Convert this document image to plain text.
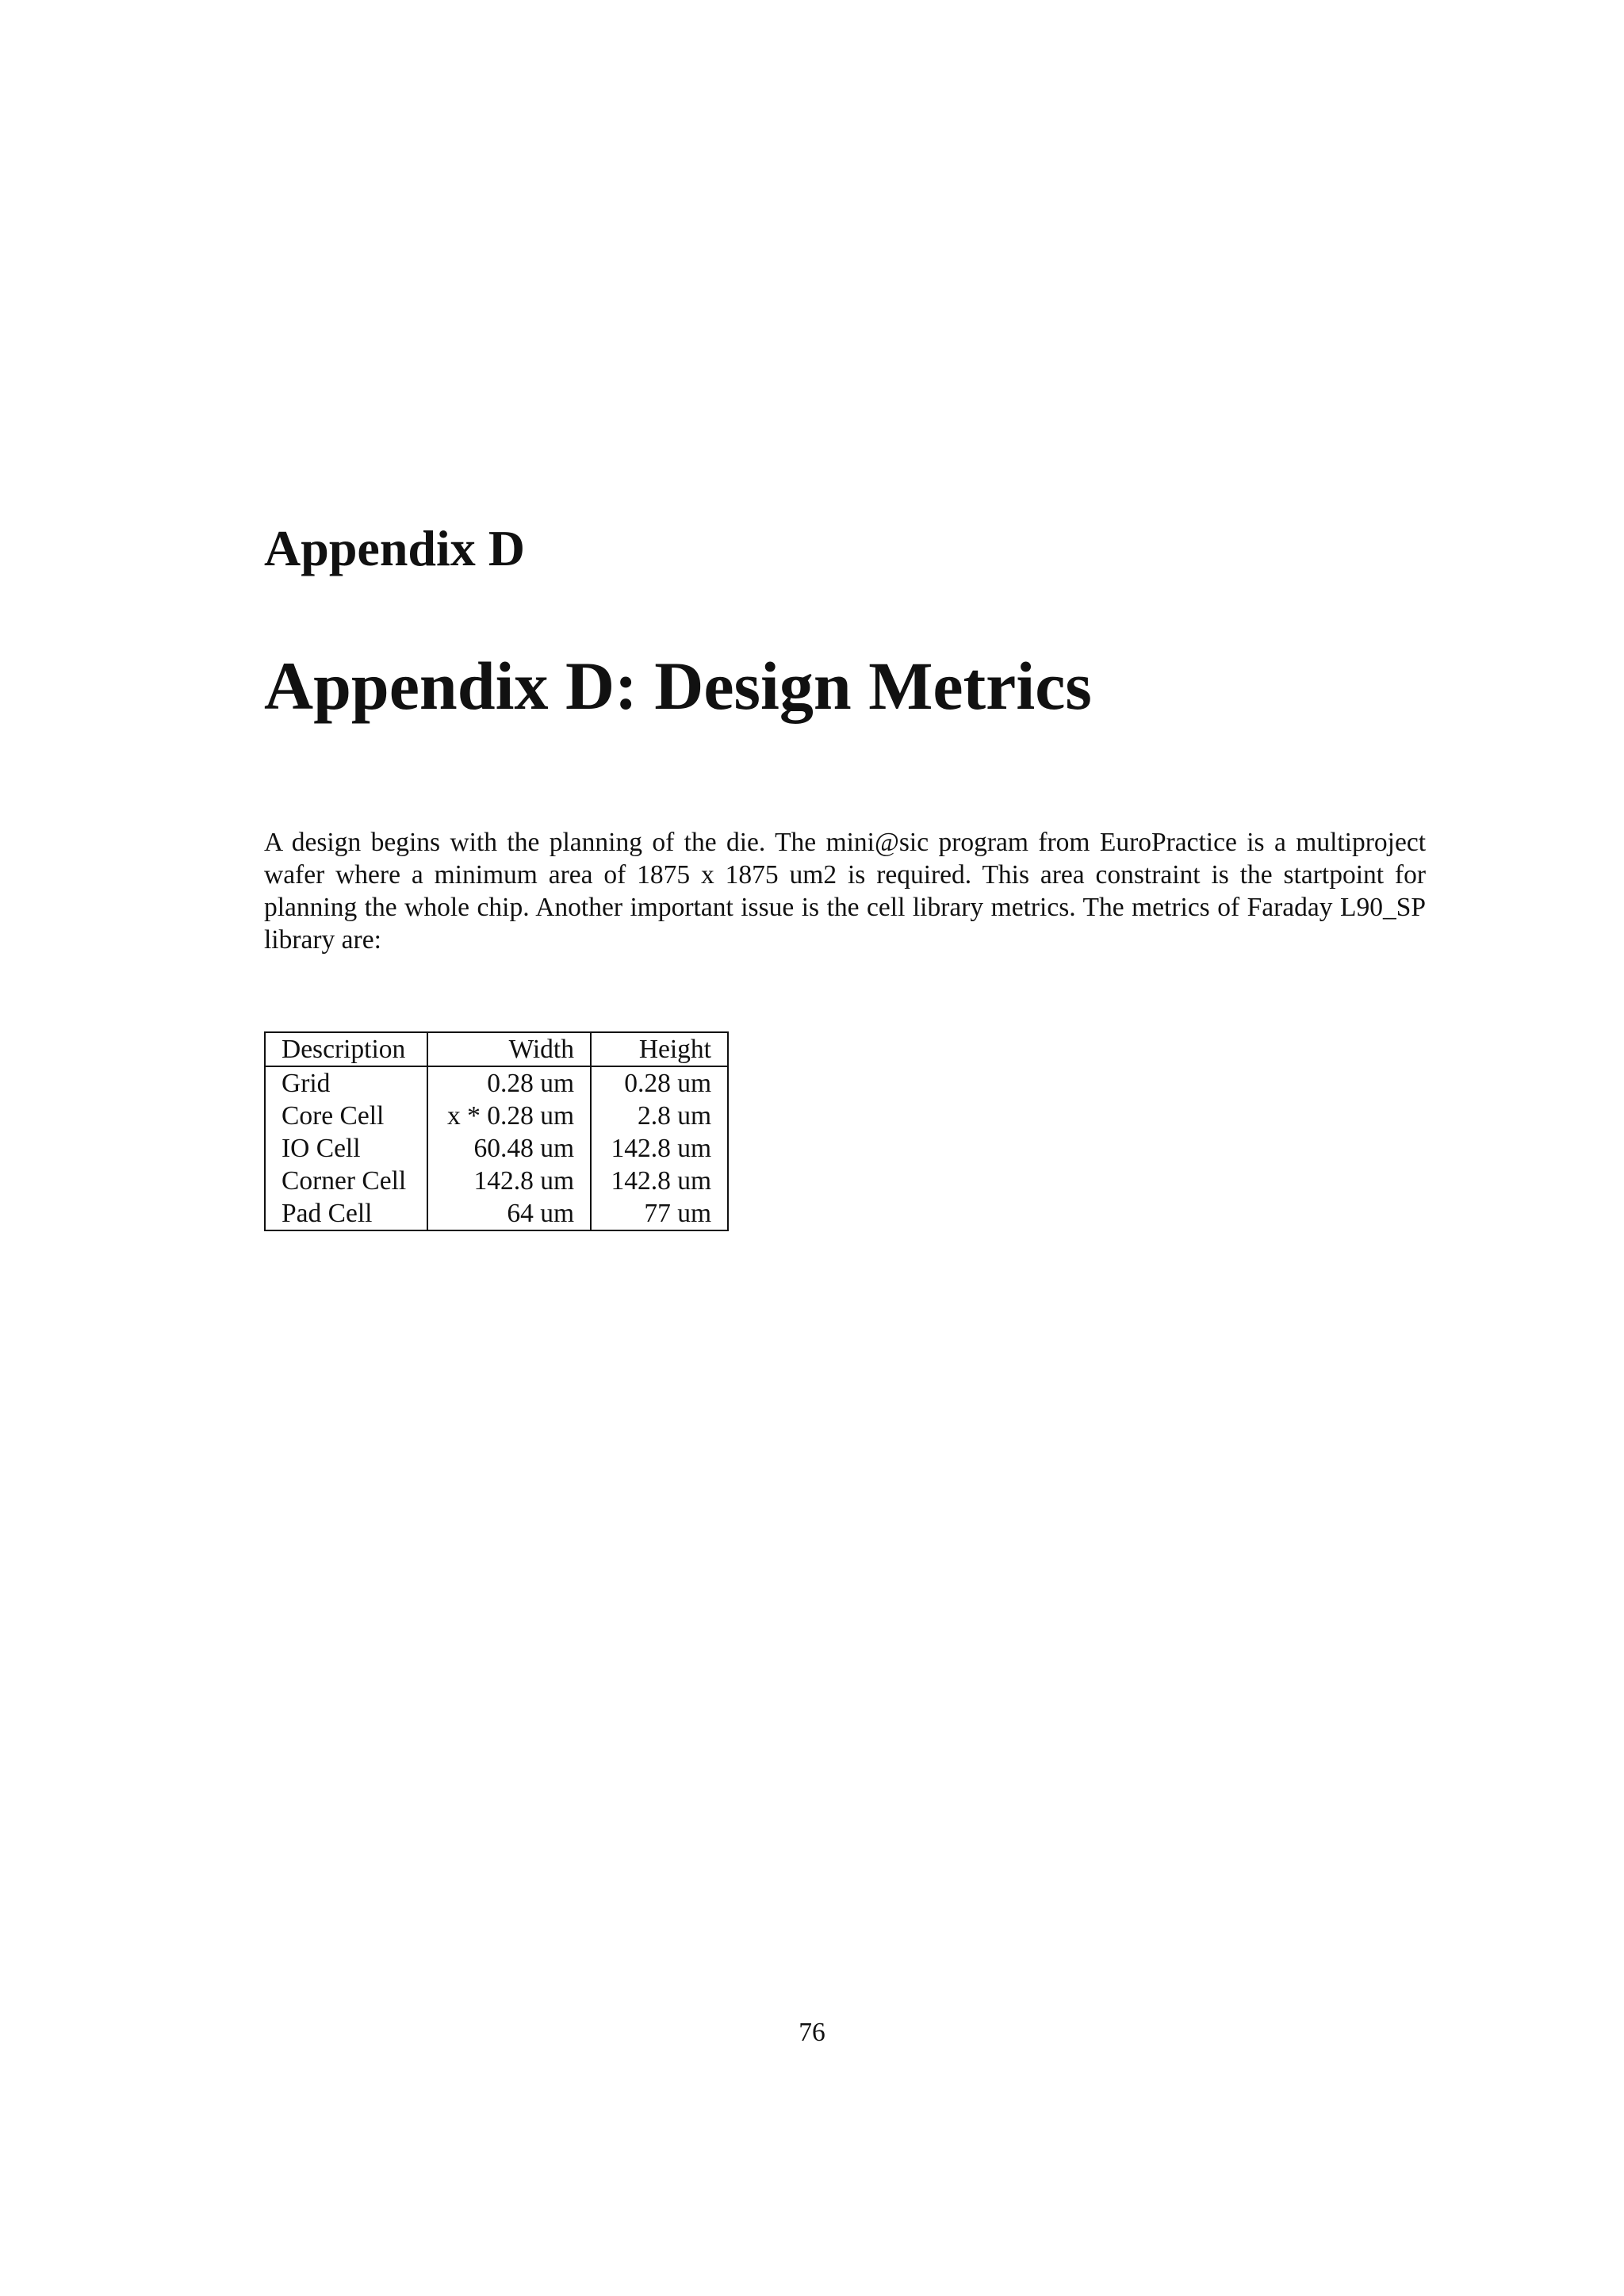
Appendix D
Appendix D: Design Metrics

A design begins with the planning of the die. The mini@sic program from EuroPractice is a multiproject wafer where a minimum area of 1875 x 1875 um2 is required. This area constraint is the startpoint for planning the whole chip. Another important issue is the cell library metrics. The metrics of Faraday L90_SP library are:

Description	Width	Height
Grid	0.28 um	0.28 um
Core Cell	x * 0.28 um	2.8 um
IO Cell	60.48 um	142.8 um
Corner Cell	142.8 um	142.8 um
Pad Cell	64 um	77 um

76
